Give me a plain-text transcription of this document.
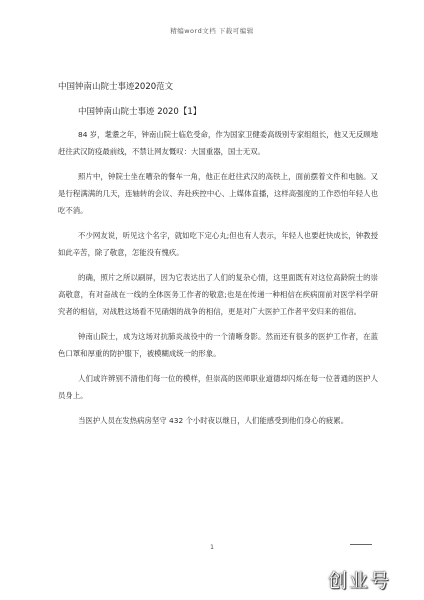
精编word文档 下载可编辑
中国钟南山院士事迹2020范文
中国钟南山院士事迹 2020【1】

84 岁，耄耋之年，钟南山院士临危受命，作为国家卫健委高级别专家组组长，他又无反顾地赶往武汉防疫最前线，不禁让网友慨叹：大国重器，国士无双。

照片中，钟院士坐在嘈杂的餐车一角，他正在赶往武汉的高铁上，面前摆着文件和电脑。又是行程满满的几天，连轴转的会议、奔赴疾控中心、上媒体直播，这样高强度的工作恐怕年轻人也吃不消。

不少网友说，听见这个名字，就如吃下定心丸;但也有人表示，年轻人也要赶快成长，钟教授如此辛苦，除了敬意，怎能没有愧疚。

的确，照片之所以刷屏，因为它表达出了人们的复杂心情，这里面既有对这位高龄院士的崇高敬意，有对奋战在一线的全体医务工作者的敬意;也是在传递一种相信在疾病面前对医学科学研究者的相信，对战胜这场看不见硝烟的战争的相信，更是对广大医护工作者平安归来的祖信。

钟南山院士，成为这场对抗肺炎战役中的一个清晰身影。然而还有很多的医护工作者，在蓝色口罩和厚重的防护服下，被模糊成统一的形象。

人们或许辨别不清他们每一位的模样，但崇高的医师职业道德却闪烁在每一位普通的医护人员身上。

当医护人员在发热病房坚守 432 个小时夜以继日，人们能感受到他们身心的疲累。

1
创业号
